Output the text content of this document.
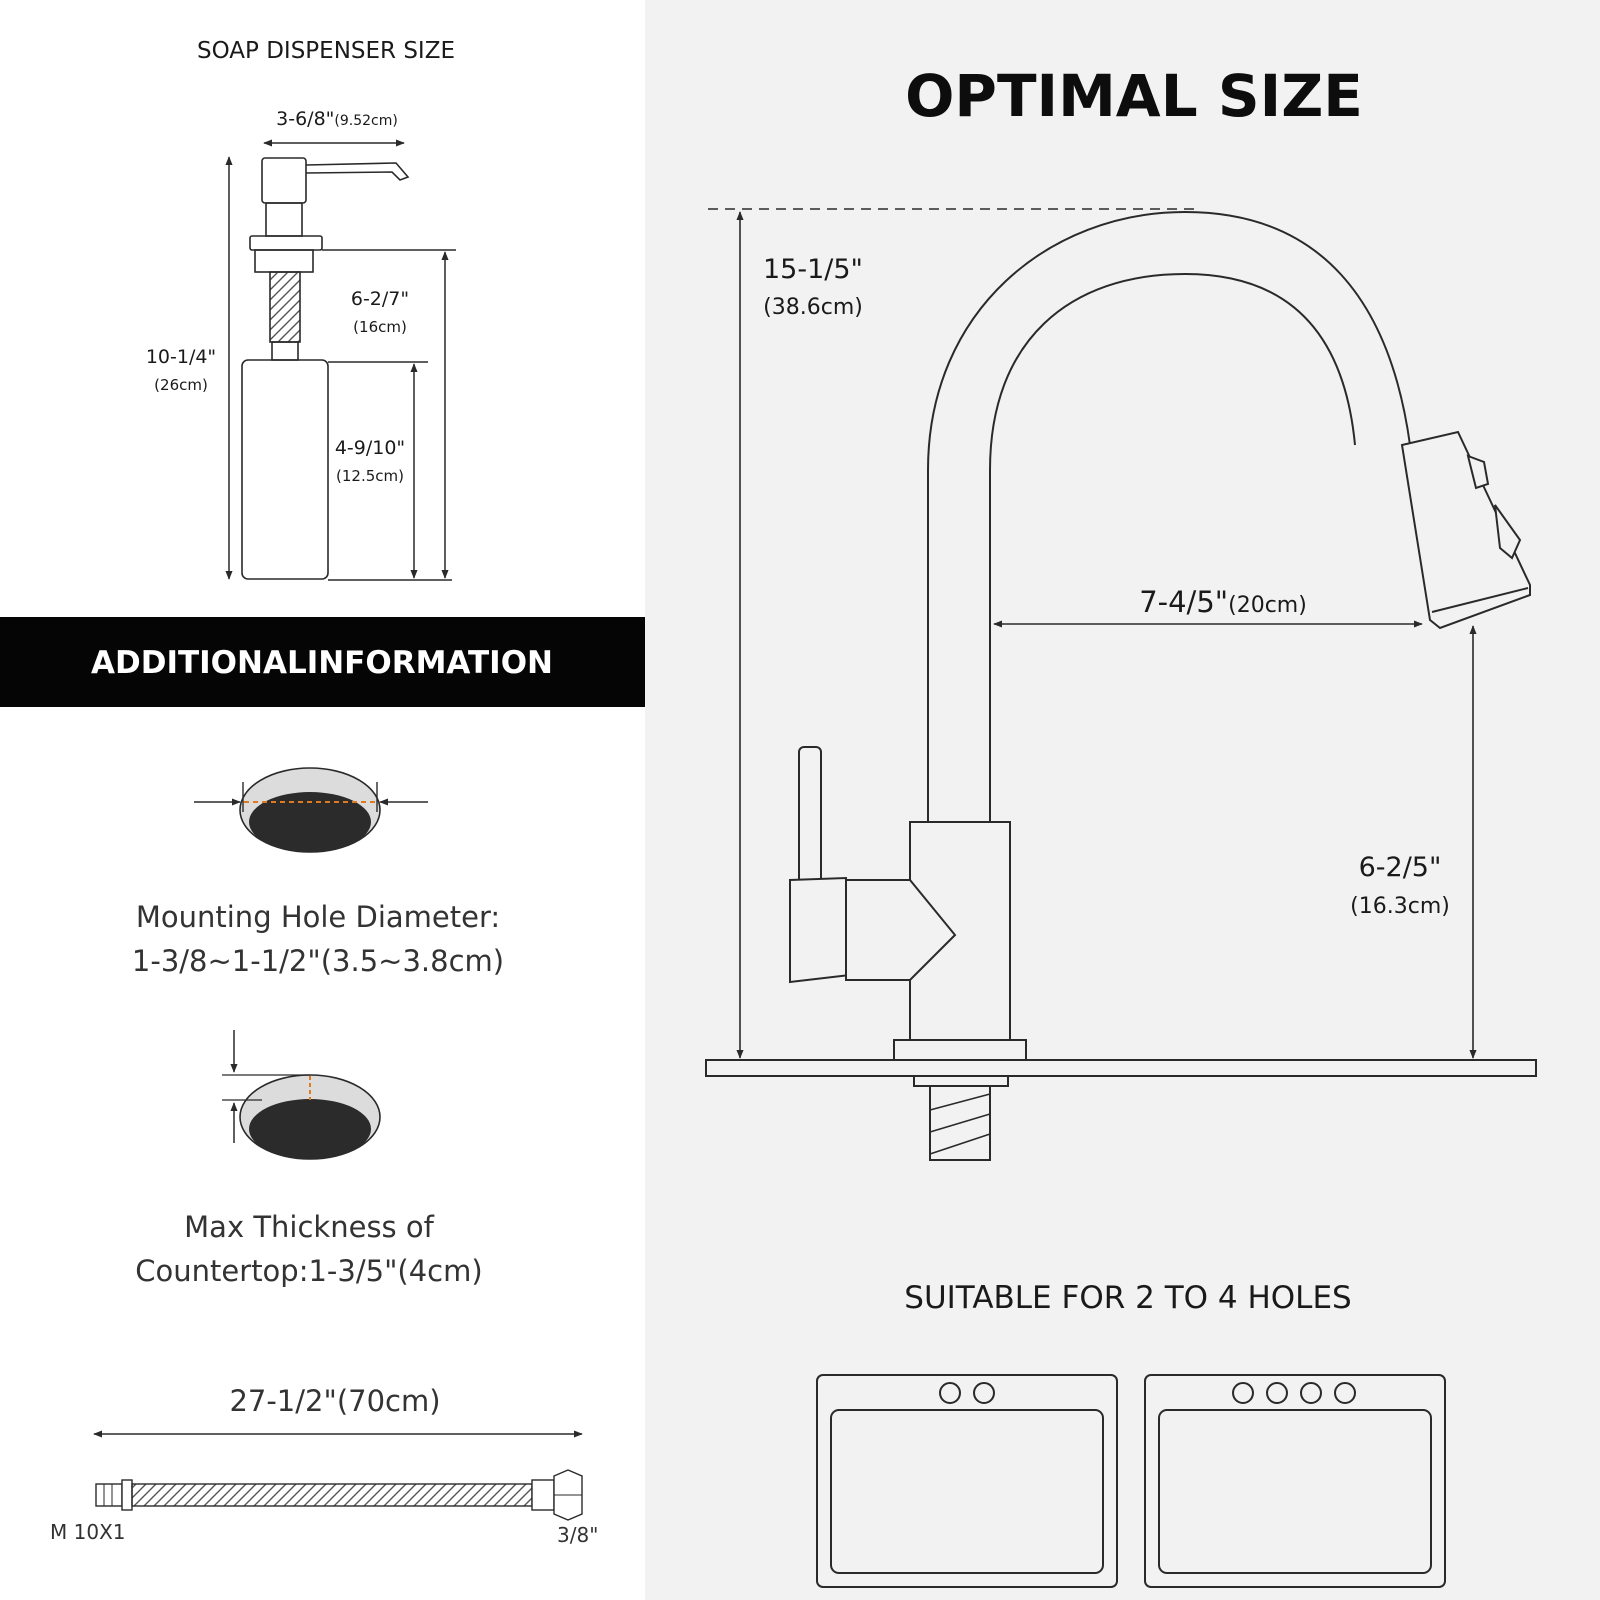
SOAP DISPENSER SIZE
3-6/8"(9.52cm)
10-1/4"
(26cm)
6-2/7"
(16cm)
4-9/10"
(12.5cm)
ADDITIONALINFORMATION
Mounting Hole Diameter:
1-3/8~1-1/2"(3.5~3.8cm)
Max Thickness of
Countertop:1-3/5"(4cm)
27-1/2"(70cm)
M 10X1	3/8"
OPTIMAL SIZE
15-1/5"
(38.6cm)
7-4/5"(20cm)
6-2/5"
(16.3cm)
SUITABLE FOR 2 TO 4 HOLES
